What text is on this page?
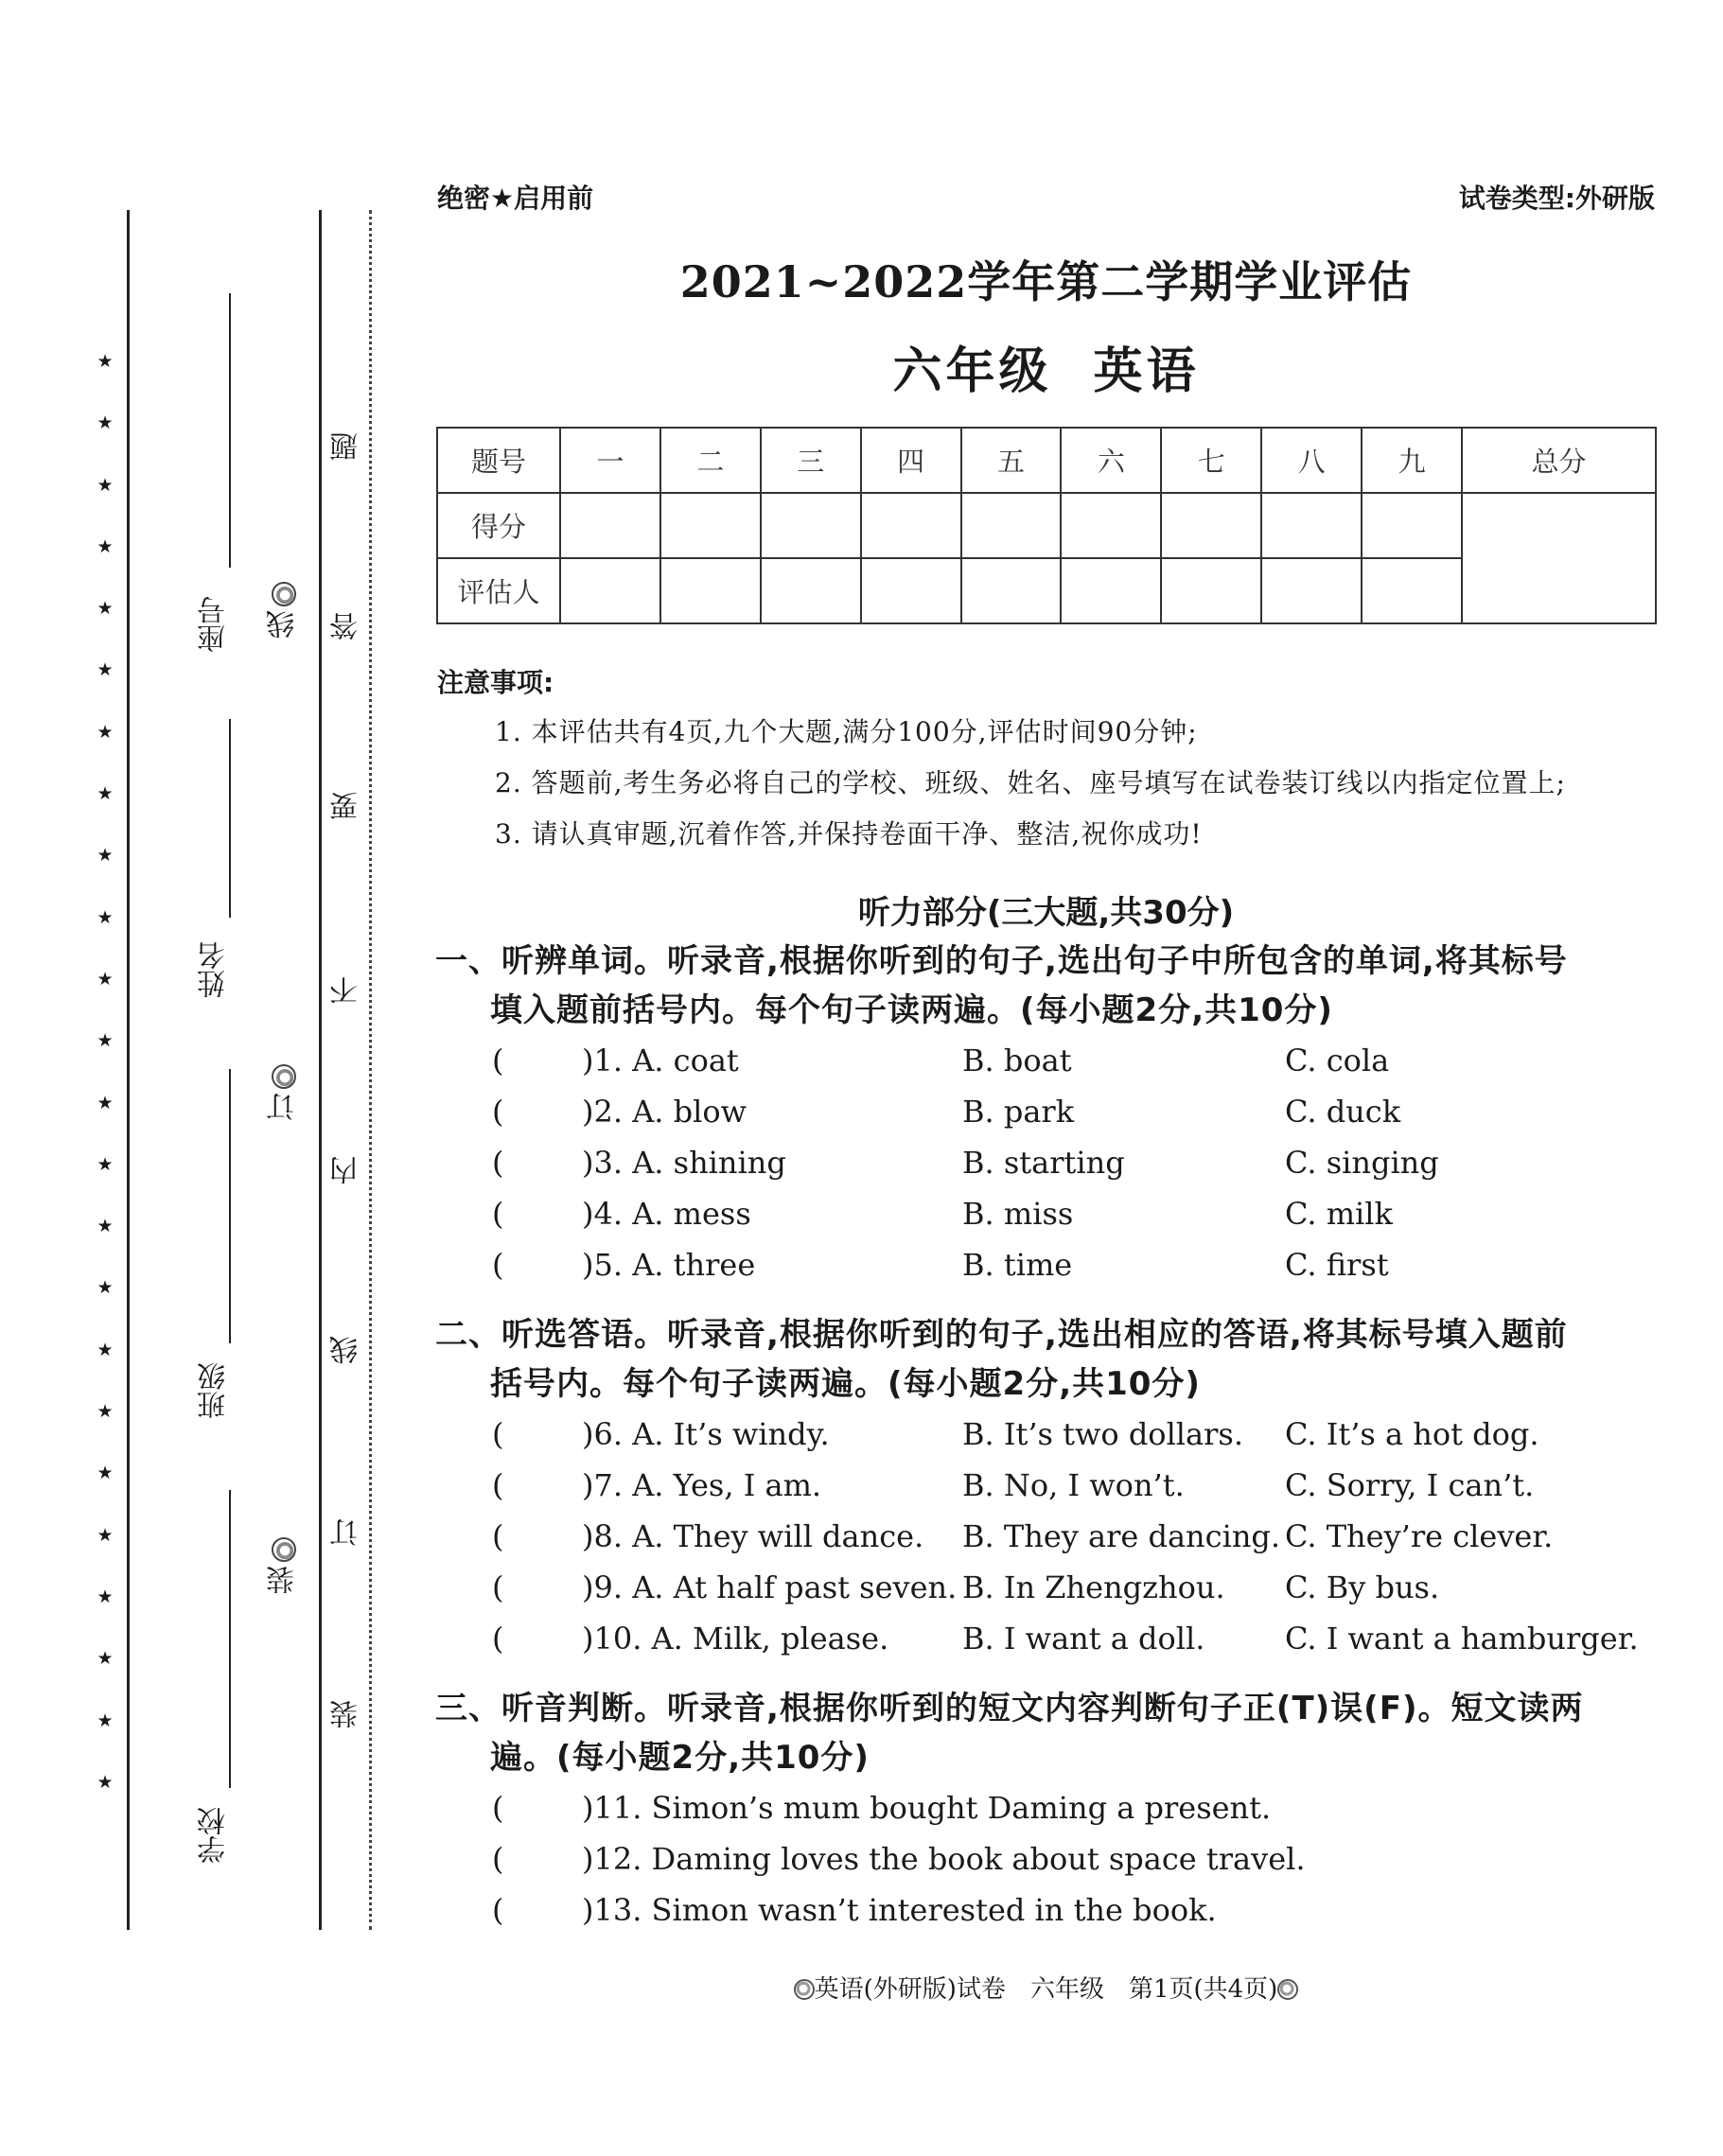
★
★
★
★
★
★
★
★
★
★
★
★
★
★
★
★
★
★
★
★
★
★
★
★
座号
姓名
班级
学校
线
订
装
题
答
要
不
内
线
订
装
绝密★启用前	试卷类型:外研版
2021~2022学年第二学期学业评估
六年级 英语
题号	一	二	三	四	五	六	七	八	九	总分
得分										
评估人										
注意事项:
1. 本评估共有4页,九个大题,满分100分,评估时间90分钟;
2. 答题前,考生务必将自己的学校、班级、姓名、座号填写在试卷装订线以内指定位置上;
3. 请认真审题,沉着作答,并保持卷面干净、整洁,祝你成功!
听力部分(三大题,共30分)
一、听辨单词。听录音,根据你听到的句子,选出句子中所包含的单词,将其标号
填入题前括号内。每个句子读两遍。(每小题2分,共10分)
(	)1. A. coat	B. boat	C. cola
(	)2. A. blow	B. park	C. duck
(	)3. A. shining	B. starting	C. singing
(	)4. A. mess	B. miss	C. milk
(	)5. A. three	B. time	C. first
二、听选答语。听录音,根据你听到的句子,选出相应的答语,将其标号填入题前
括号内。每个句子读两遍。(每小题2分,共10分)
(	)6. A. It’s windy.	B. It’s two dollars. C. It’s a hot dog.
(	)7. A. Yes, I am.	B. No, I won’t.	C. Sorry, I can’t.
(	)8. A. They will dance. B. They are dancing. C. They’re clever.
(	)9. A. At half past seven. B. In Zhengzhou. C. By bus.
(	)10. A. Milk, please. B. I want a doll.	C. I want a hamburger.
三、听音判断。听录音,根据你听到的短文内容判断句子正(T)误(F)。短文读两
遍。(每小题2分,共10分)
(	)11. Simon’s mum bought Daming a present.
(	)12. Daming loves the book about space travel.
(	)13. Simon wasn’t interested in the book.
英语(外研版)试卷　六年级　第1页(共4页)
